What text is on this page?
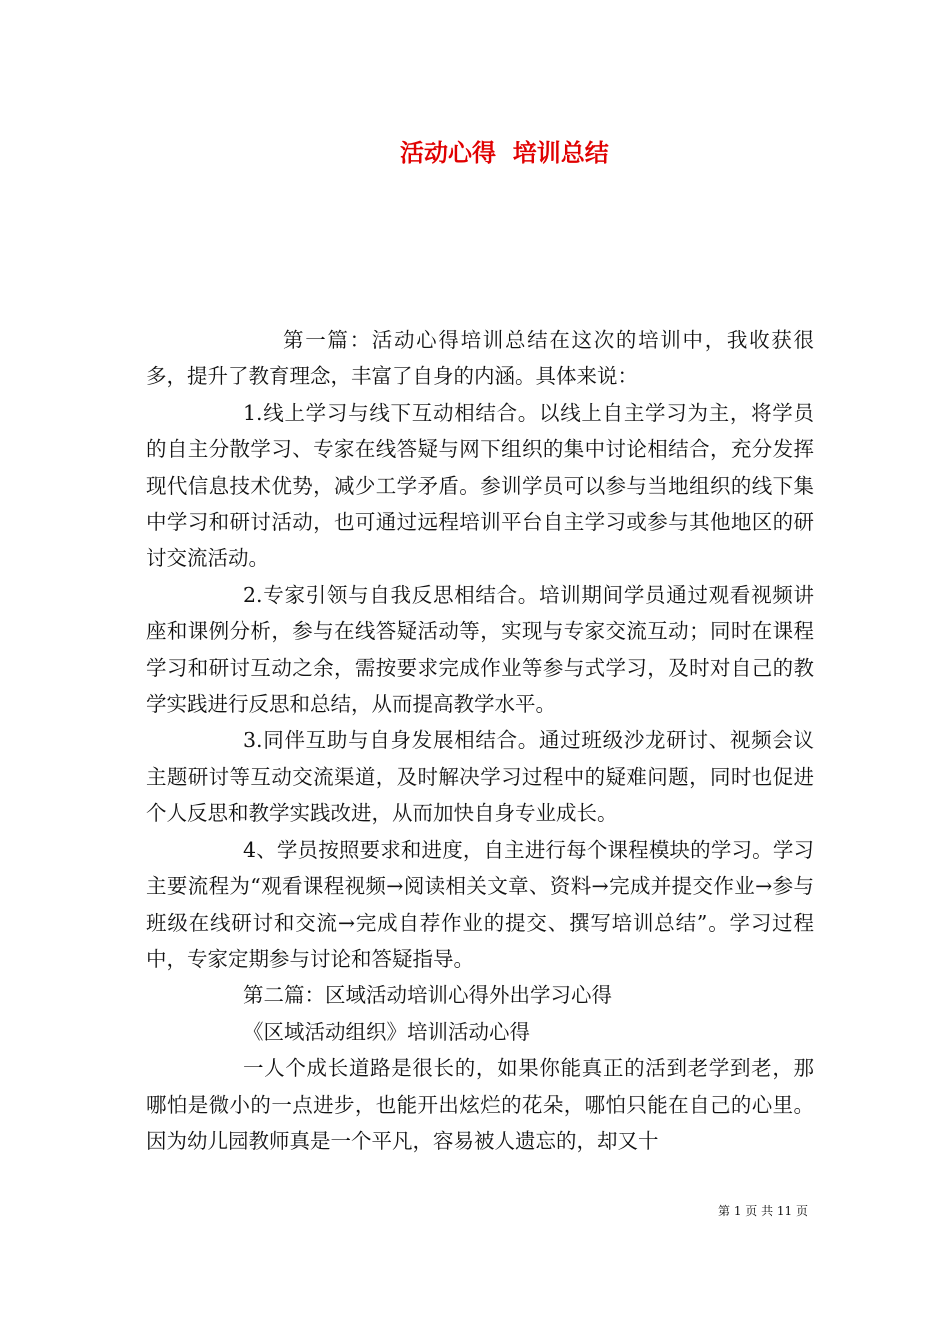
活动心得  培训总结

第一篇：活动心得培训总结在这次的培训中，我收获很多，提升了教育理念，丰富了自身的内涵。具体来说：

1.线上学习与线下互动相结合。以线上自主学习为主，将学员的自主分散学习、专家在线答疑与网下组织的集中讨论相结合，充分发挥现代信息技术优势，减少工学矛盾。参训学员可以参与当地组织的线下集中学习和研讨活动，也可通过远程培训平台自主学习或参与其他地区的研讨交流活动。

2.专家引领与自我反思相结合。培训期间学员通过观看视频讲座和课例分析，参与在线答疑活动等，实现与专家交流互动；同时在课程学习和研讨互动之余，需按要求完成作业等参与式学习，及时对自己的教学实践进行反思和总结，从而提高教学水平。

3.同伴互助与自身发展相结合。通过班级沙龙研讨、视频会议主题研讨等互动交流渠道，及时解决学习过程中的疑难问题，同时也促进个人反思和教学实践改进，从而加快自身专业成长。

4、学员按照要求和进度，自主进行每个课程模块的学习。学习主要流程为“观看课程视频→阅读相关文章、资料→完成并提交作业→参与班级在线研讨和交流→完成自荐作业的提交、撰写培训总结”。学习过程中，专家定期参与讨论和答疑指导。

第二篇：区域活动培训心得外出学习心得

《区域活动组织》培训活动心得

一人个成长道路是很长的，如果你能真正的活到老学到老，那哪怕是微小的一点进步，也能开出炫烂的花朵，哪怕只能在自己的心里。因为幼儿园教师真是一个平凡，容易被人遗忘的，却又十

第 1 页 共 11 页
